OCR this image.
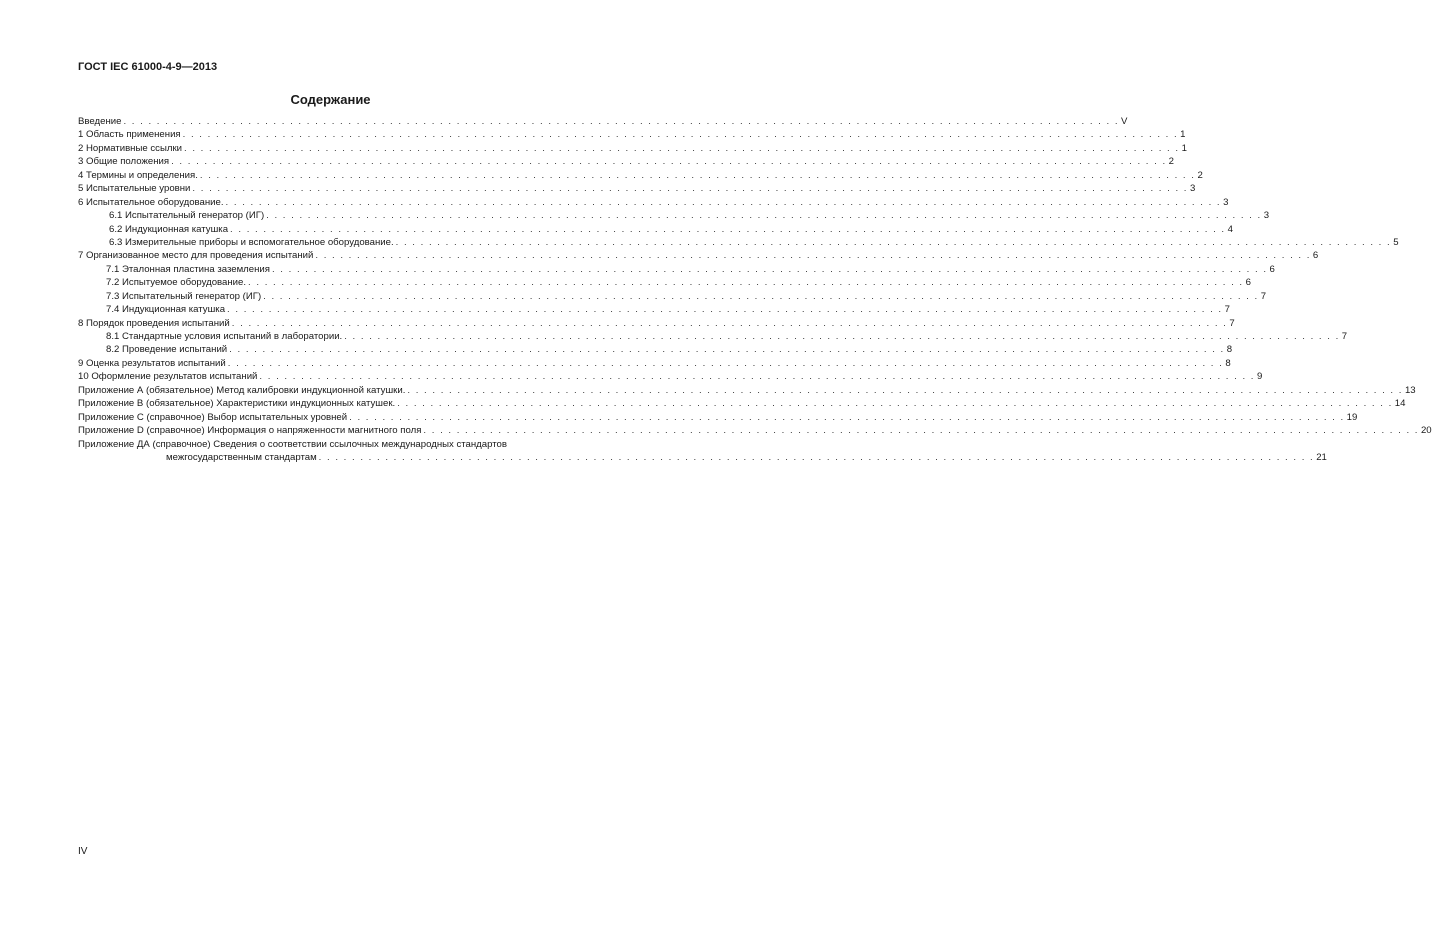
ГОСТ IEC 61000-4-9—2013
Содержание
Введение . . . . . . . . . . . . . . . . . . . . . . . . . . . . . . . . . . . . . . . . . . . . . . . . . . . . . . . . . . . . . . . . . . . . . . . . . . . . . . . . . . . . . . . . . . . . . . . . . . . . . . . . . . . . . . . . . . . . . . . . V
1 Область применения . . . . . . . . . . . . . . . . . . . . . . . . . . . . . . . . . . . . . . . . . . . . . . . . . . . . . . . . . . . . . . . . . . . . . . . . . . . . . . . . . . . . . . . . . . . . . . . . . . . . . . . . . . . . . . . . . . . . . . . . 1
2 Нормативные ссылки . . . . . . . . . . . . . . . . . . . . . . . . . . . . . . . . . . . . . . . . . . . . . . . . . . . . . . . . . . . . . . . . . . . . . . . . . . . . . . . . . . . . . . . . . . . . . . . . . . . . . . . . . . . . . . . . . . . . . . . . 1
3 Общие положения . . . . . . . . . . . . . . . . . . . . . . . . . . . . . . . . . . . . . . . . . . . . . . . . . . . . . . . . . . . . . . . . . . . . . . . . . . . . . . . . . . . . . . . . . . . . . . . . . . . . . . . . . . . . . . . . . . . . . . . . 2
4 Термины и определения. . . . . . . . . . . . . . . . . . . . . . . . . . . . . . . . . . . . . . . . . . . . . . . . . . . . . . . . . . . . . . . . . . . . . . . . . . . . . . . . . . . . . . . . . . . . . . . . . . . . . . . . . . . . . . . . . . . . . . . . . 2
5 Испытательные уровни . . . . . . . . . . . . . . . . . . . . . . . . . . . . . . . . . . . . . . . . . . . . . . . . . . . . . . . . . . . . . . . . . . . . . . . . . . . . . . . . . . . . . . . . . . . . . . . . . . . . . . . . . . . . . . . . . . . . . . . . 3
6 Испытательное оборудование. . . . . . . . . . . . . . . . . . . . . . . . . . . . . . . . . . . . . . . . . . . . . . . . . . . . . . . . . . . . . . . . . . . . . . . . . . . . . . . . . . . . . . . . . . . . . . . . . . . . . . . . . . . . . . . . . . . . . . . . . 3
6.1 Испытательный генератор (ИГ) . . . . . . . . . . . . . . . . . . . . . . . . . . . . . . . . . . . . . . . . . . . . . . . . . . . . . . . . . . . . . . . . . . . . . . . . . . . . . . . . . . . . . . . . . . . . . . . . . . . . . . . . . . . . . . . . . . . . . . . . 3
6.2 Индукционная катушка . . . . . . . . . . . . . . . . . . . . . . . . . . . . . . . . . . . . . . . . . . . . . . . . . . . . . . . . . . . . . . . . . . . . . . . . . . . . . . . . . . . . . . . . . . . . . . . . . . . . . . . . . . . . . . . . . . . . . . . . 4
6.3 Измерительные приборы и вспомогательное оборудование. . . . . . . . . . . . . . . . . . . . . . . . . . . . . . . . . . . . . . . . . . . . . . . . . . . . . . . . . . . . . . . . . . . . . . . . . . . . . . . . . . . . . . . . . . . . . . . . . . . . . . . . . . . . . . . . . . . . . . . . . 5
7 Организованное место для проведения испытаний . . . . . . . . . . . . . . . . . . . . . . . . . . . . . . . . . . . . . . . . . . . . . . . . . . . . . . . . . . . . . . . . . . . . . . . . . . . . . . . . . . . . . . . . . . . . . . . . . . . . . . . . . . . . . . . . . . . . . . . . 6
7.1 Эталонная пластина заземления . . . . . . . . . . . . . . . . . . . . . . . . . . . . . . . . . . . . . . . . . . . . . . . . . . . . . . . . . . . . . . . . . . . . . . . . . . . . . . . . . . . . . . . . . . . . . . . . . . . . . . . . . . . . . . . . . . . . . . . . 6
7.2 Испытуемое оборудование. . . . . . . . . . . . . . . . . . . . . . . . . . . . . . . . . . . . . . . . . . . . . . . . . . . . . . . . . . . . . . . . . . . . . . . . . . . . . . . . . . . . . . . . . . . . . . . . . . . . . . . . . . . . . . . . . . . . . . . . . 6
7.3 Испытательный генератор (ИГ) . . . . . . . . . . . . . . . . . . . . . . . . . . . . . . . . . . . . . . . . . . . . . . . . . . . . . . . . . . . . . . . . . . . . . . . . . . . . . . . . . . . . . . . . . . . . . . . . . . . . . . . . . . . . . . . . . . . . . . . . 7
7.4 Индукционная катушка . . . . . . . . . . . . . . . . . . . . . . . . . . . . . . . . . . . . . . . . . . . . . . . . . . . . . . . . . . . . . . . . . . . . . . . . . . . . . . . . . . . . . . . . . . . . . . . . . . . . . . . . . . . . . . . . . . . . . . . . 7
8 Порядок проведения испытаний . . . . . . . . . . . . . . . . . . . . . . . . . . . . . . . . . . . . . . . . . . . . . . . . . . . . . . . . . . . . . . . . . . . . . . . . . . . . . . . . . . . . . . . . . . . . . . . . . . . . . . . . . . . . . . . . . . . . . . . . 7
8.1 Стандартные условия испытаний в лаборатории. . . . . . . . . . . . . . . . . . . . . . . . . . . . . . . . . . . . . . . . . . . . . . . . . . . . . . . . . . . . . . . . . . . . . . . . . . . . . . . . . . . . . . . . . . . . . . . . . . . . . . . . . . . . . . . . . . . . . . . . . 7
8.2 Проведение испытаний . . . . . . . . . . . . . . . . . . . . . . . . . . . . . . . . . . . . . . . . . . . . . . . . . . . . . . . . . . . . . . . . . . . . . . . . . . . . . . . . . . . . . . . . . . . . . . . . . . . . . . . . . . . . . . . . . . . . . . . . 8
9 Оценка результатов испытаний . . . . . . . . . . . . . . . . . . . . . . . . . . . . . . . . . . . . . . . . . . . . . . . . . . . . . . . . . . . . . . . . . . . . . . . . . . . . . . . . . . . . . . . . . . . . . . . . . . . . . . . . . . . . . . . . . . . . . . . . 8
10 Оформление результатов испытаний . . . . . . . . . . . . . . . . . . . . . . . . . . . . . . . . . . . . . . . . . . . . . . . . . . . . . . . . . . . . . . . . . . . . . . . . . . . . . . . . . . . . . . . . . . . . . . . . . . . . . . . . . . . . . . . . . . . . . . . . 9
Приложение А (обязательное) Метод калибровки индукционной катушки. . . . . . . . . . . . . . . . . . . . . . . . . . . . . . . . . . . . . . . . . . . . . . . . . . . . . . . . . . . . . . . . . . . . . . . . . . . . . . . . . . . . . . . . . . . . . . . . . . . . . . . . . . . . . . . . . . . . . . . . . 13
Приложение В (обязательное) Характеристики индукционных катушек. . . . . . . . . . . . . . . . . . . . . . . . . . . . . . . . . . . . . . . . . . . . . . . . . . . . . . . . . . . . . . . . . . . . . . . . . . . . . . . . . . . . . . . . . . . . . . . . . . . . . . . . . . . . . . . . . . . . . . . . . 14
Приложение С (справочное) Выбор испытательных уровней . . . . . . . . . . . . . . . . . . . . . . . . . . . . . . . . . . . . . . . . . . . . . . . . . . . . . . . . . . . . . . . . . . . . . . . . . . . . . . . . . . . . . . . . . . . . . . . . . . . . . . . . . . . . . . . . . . . . . . . . 19
Приложение D (справочное) Информация о напряженности магнитного поля . . . . . . . . . . . . . . . . . . . . . . . . . . . . . . . . . . . . . . . . . . . . . . . . . . . . . . . . . . . . . . . . . . . . . . . . . . . . . . . . . . . . . . . . . . . . . . . . . . . . . . . . . . . . . . . . . . . . . . . . 20
Приложение ДА (справочное) Сведения о соответствии ссылочных международных стандартов
межгосударственным стандартам . . . . . . . . . . . . . . . . . . . . . . . . . . . . . . . . . . . . . . . . . . . . . . . . . . . . . . . . . . . . . . . . . . . . . . . . . . . . . . . . . . . . . . . . . . . . . . . . . . . . . . . . . . . . . . . . . . . . . . . . 21
IV
